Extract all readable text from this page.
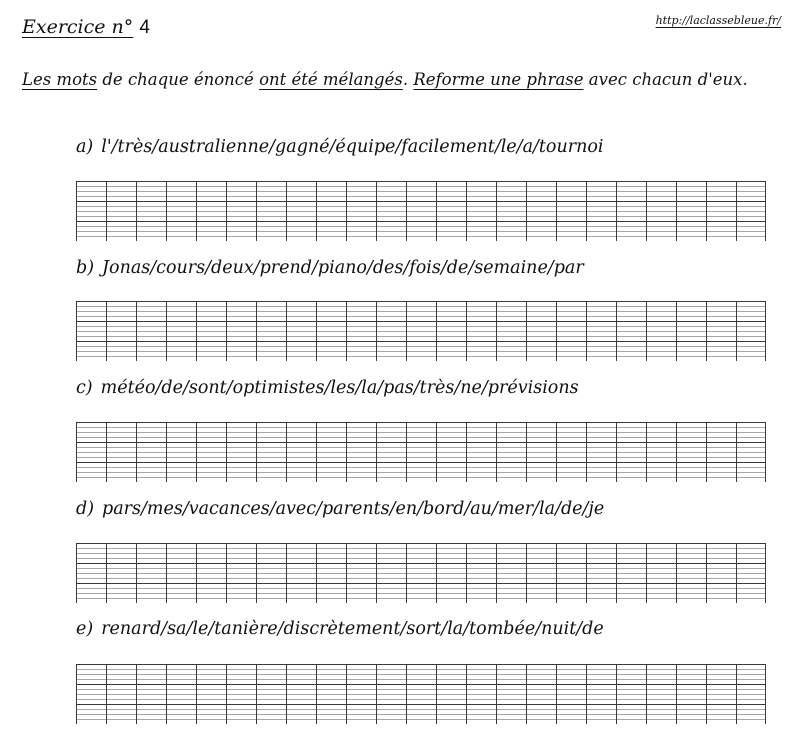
Exercice n° 4	http://laclassebleue.fr/
Les mots de chaque énoncé ont été mélangés. Reforme une phrase avec chacun d'eux.
a) l'/très/australienne/gagné/équipe/facilement/le/a/tournoi
b) Jonas/cours/deux/prend/piano/des/fois/de/semaine/par
c) météo/de/sont/optimistes/les/la/pas/très/ne/prévisions
d) pars/mes/vacances/avec/parents/en/bord/au/mer/la/de/je
e) renard/sa/le/tanière/discrètement/sort/la/tombée/nuit/de
